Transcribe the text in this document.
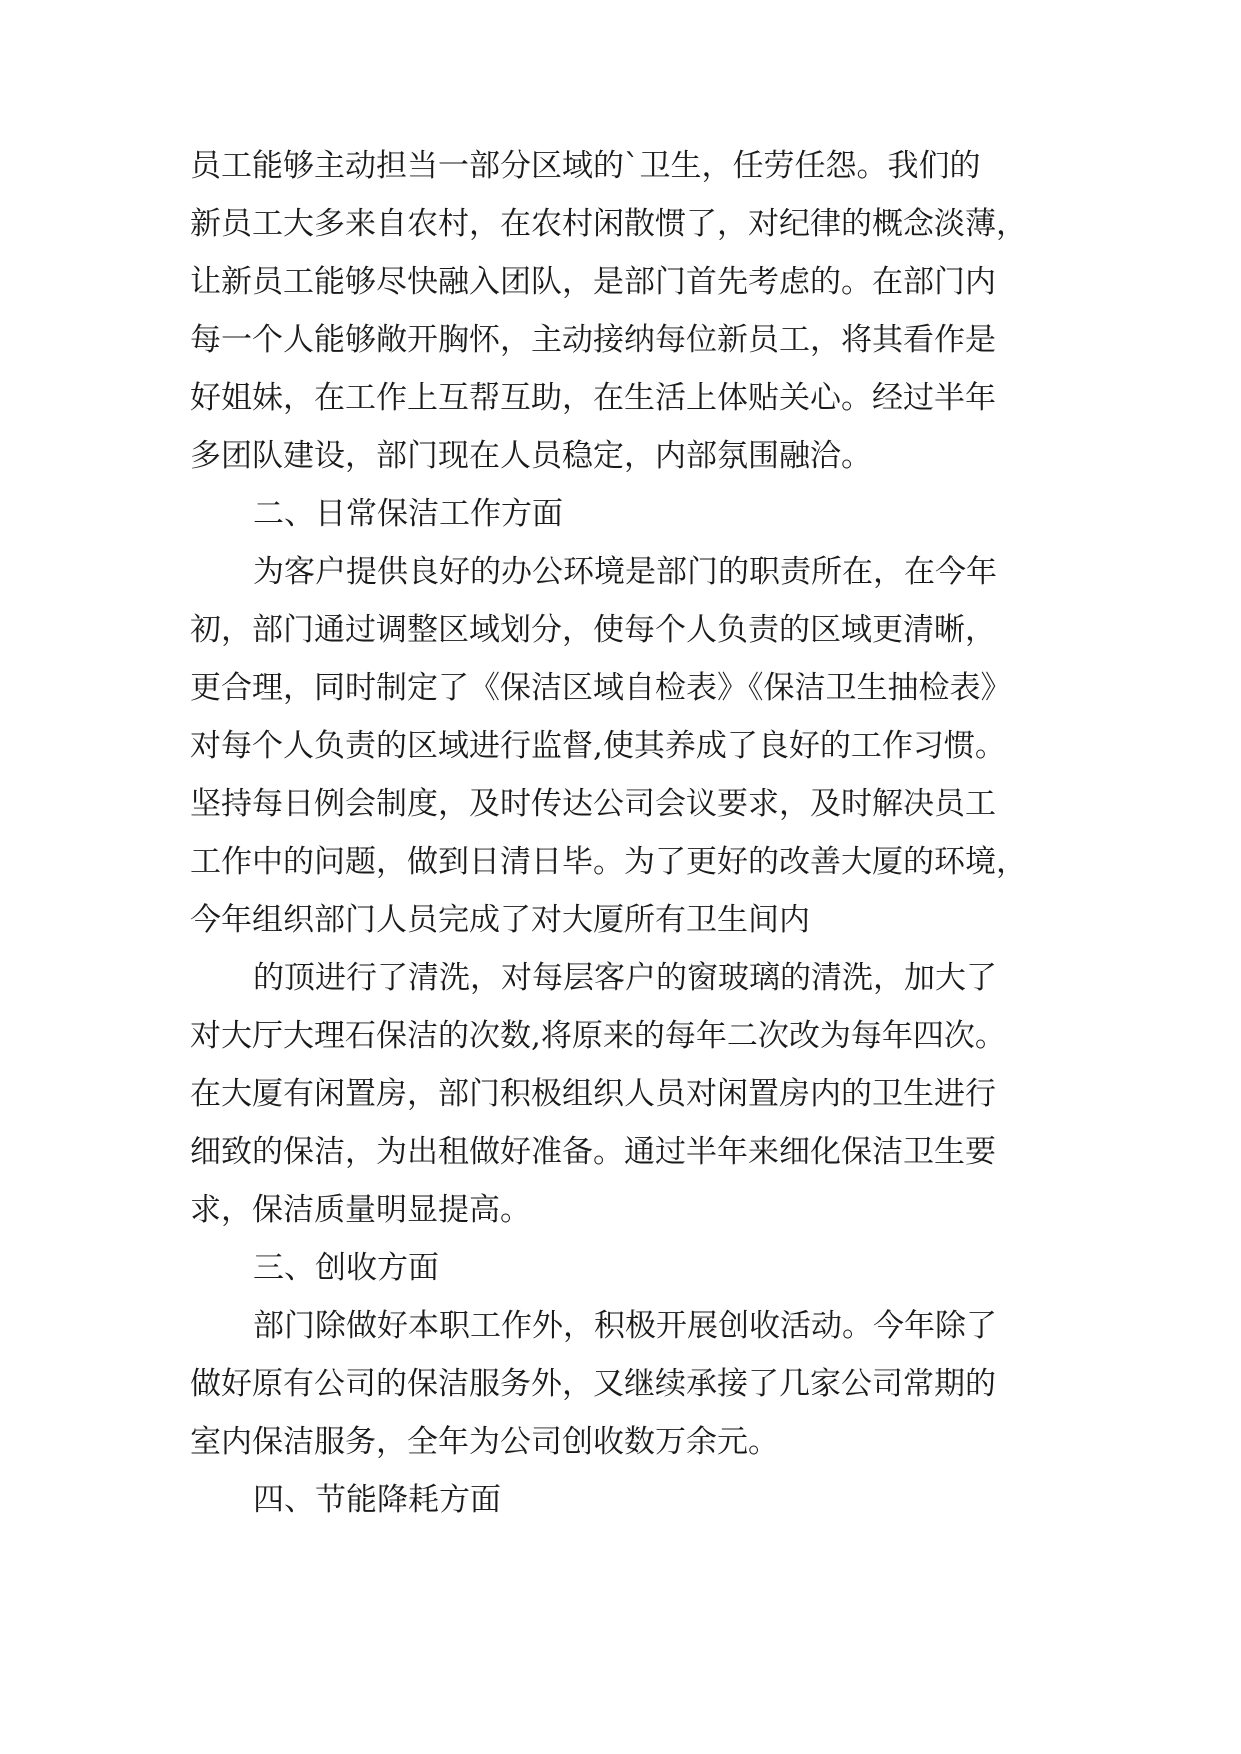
员工能够主动担当一部分区域的`卫生，任劳任怨。我们的
新员工大多来自农村，在农村闲散惯了，对纪律的概念淡薄，
让新员工能够尽快融入团队，是部门首先考虑的。在部门内
每一个人能够敞开胸怀，主动接纳每位新员工，将其看作是
好姐妹，在工作上互帮互助，在生活上体贴关心。经过半年
多团队建设，部门现在人员稳定，内部氛围融洽。
二、日常保洁工作方面
为客户提供良好的办公环境是部门的职责所在，在今年
初，部门通过调整区域划分，使每个人负责的区域更清晰，
更合理，同时制定了《保洁区域自检表》《保洁卫生抽检表》
对每个人负责的区域进行监督,使其养成了良好的工作习惯。
坚持每日例会制度，及时传达公司会议要求，及时解决员工
工作中的问题，做到日清日毕。为了更好的改善大厦的环境，
今年组织部门人员完成了对大厦所有卫生间内
的顶进行了清洗，对每层客户的窗玻璃的清洗，加大了
对大厅大理石保洁的次数,将原来的每年二次改为每年四次。
在大厦有闲置房，部门积极组织人员对闲置房内的卫生进行
细致的保洁，为出租做好准备。通过半年来细化保洁卫生要
求，保洁质量明显提高。
三、创收方面
部门除做好本职工作外，积极开展创收活动。今年除了
做好原有公司的保洁服务外，又继续承接了几家公司常期的
室内保洁服务，全年为公司创收数万余元。
四、节能降耗方面
